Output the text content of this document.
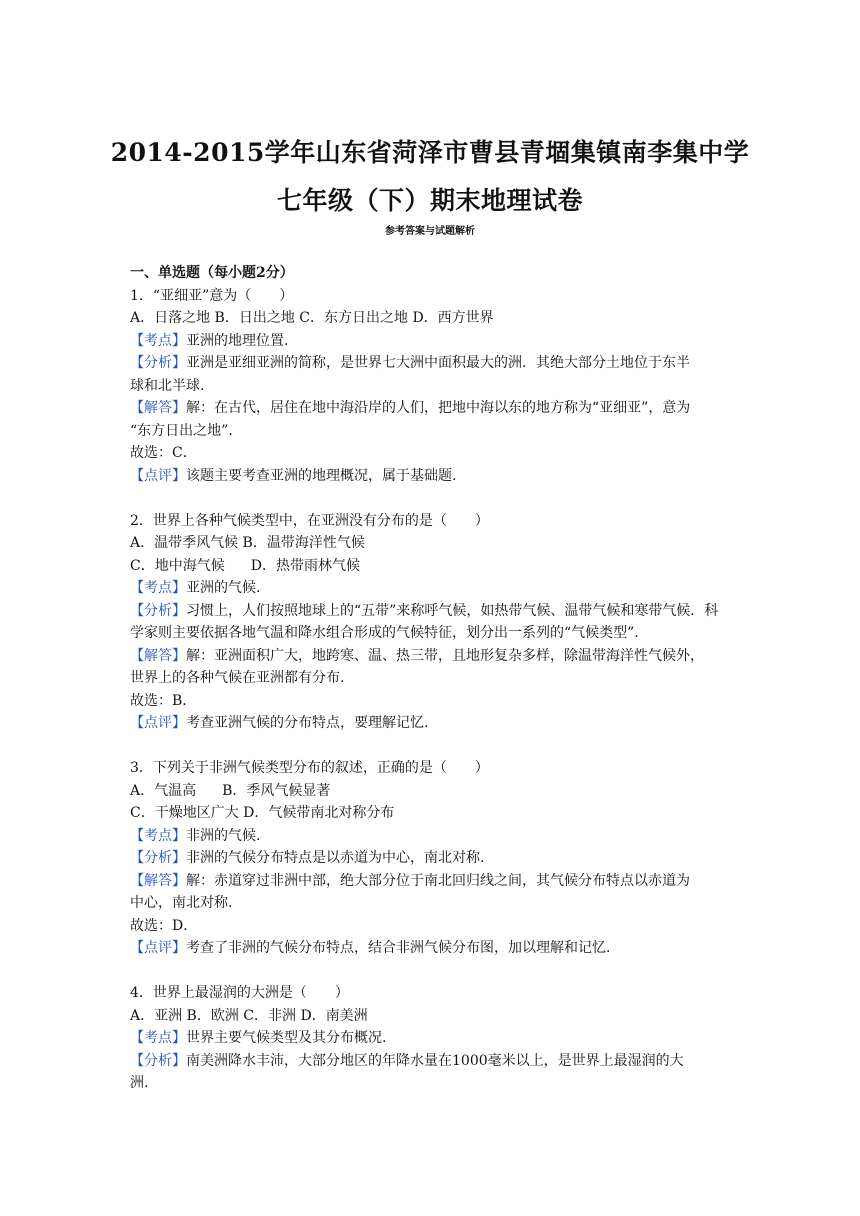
2014-2015学年山东省菏泽市曹县青堌集镇南李集中学
七年级（下）期末地理试卷
参考答案与试题解析
一、单选题（每小题2分）
1．“亚细亚”意为（　　）
A．日落之地 B．日出之地 C．东方日出之地 D．西方世界
【考点】亚洲的地理位置.
【分析】亚洲是亚细亚洲的简称，是世界七大洲中面积最大的洲．其绝大部分土地位于东半
球和北半球.
【解答】解：在古代，居住在地中海沿岸的人们，把地中海以东的地方称为“亚细亚”，意为
“东方日出之地”.
故选：C．
【点评】该题主要考查亚洲的地理概况，属于基础题.
2．世界上各种气候类型中，在亚洲没有分布的是（　　）
A．温带季风气候 B．温带海洋性气候
C．地中海气候 D．热带雨林气候
【考点】亚洲的气候.
【分析】习惯上，人们按照地球上的“五带”来称呼气候，如热带气候、温带气候和寒带气候．科
学家则主要依据各地气温和降水组合形成的气候特征，划分出一系列的“气候类型”.
【解答】解：亚洲面积广大，地跨寒、温、热三带，且地形复杂多样，除温带海洋性气候外，
世界上的各种气候在亚洲都有分布.
故选：B．
【点评】考查亚洲气候的分布特点，要理解记忆.
3．下列关于非洲气候类型分布的叙述，正确的是（　　）
A．气温高 B．季风气候显著
C．干燥地区广大 D．气候带南北对称分布
【考点】非洲的气候.
【分析】非洲的气候分布特点是以赤道为中心，南北对称.
【解答】解：赤道穿过非洲中部，绝大部分位于南北回归线之间，其气候分布特点以赤道为
中心，南北对称.
故选：D．
【点评】考查了非洲的气候分布特点，结合非洲气候分布图，加以理解和记忆.
4．世界上最湿润的大洲是（　　）
A．亚洲 B．欧洲 C．非洲 D．南美洲
【考点】世界主要气候类型及其分布概况.
【分析】南美洲降水丰沛，大部分地区的年降水量在1000毫米以上，是世界上最湿润的大
洲.
